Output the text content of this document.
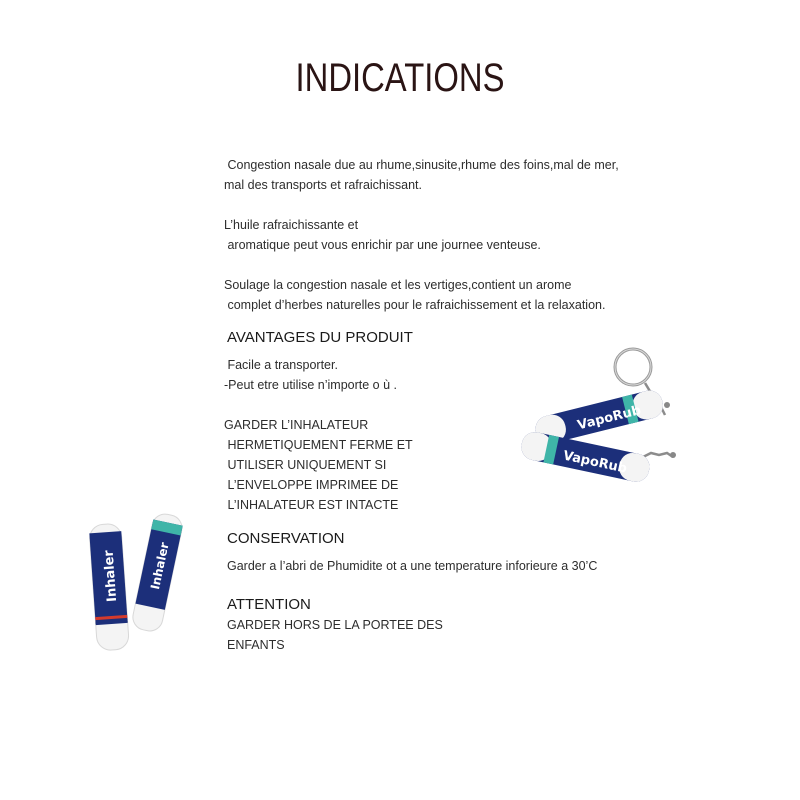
INDICATIONS
Congestion nasale due au rhume,sinusite,rhume des foins,mal de mer,
mal des transports et rafraichissant.
L’huile rafraichissante et
aromatique peut vous enrichir par une journee venteuse.
Soulage la congestion nasale et les vertiges,contient un arome
complet d’herbes naturelles pour le rafraichissement et la relaxation.
AVANTAGES DU PRODUIT
Facile a transporter.
-Peut etre utilise n’importe o ù .
GARDER L’INHALATEUR
HERMETIQUEMENT FERME ET
UTILISER UNIQUEMENT SI
L’ENVELOPPE IMPRIMEE DE
L’INHALATEUR EST INTACTE
CONSERVATION
Garder a l’abri de Phumidite ot a une temperature inforieure a 30’C
ATTENTION
GARDER HORS DE LA PORTEE DES
ENFANTS
VapoRub
VapoRub
Inhaler Inhaler
